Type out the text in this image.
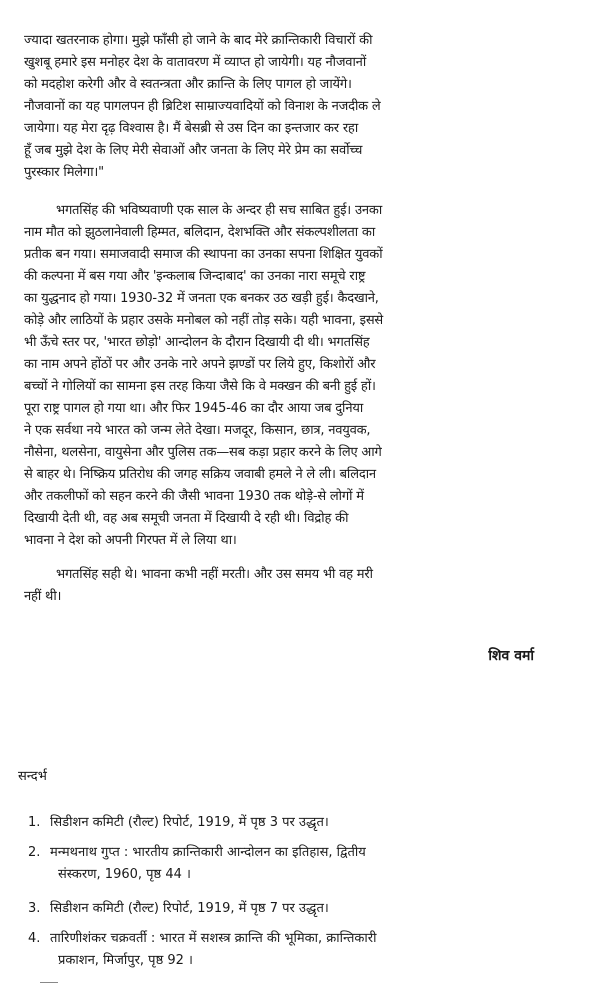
ज्यादा खतरनाक होगा। मुझे फाँसी हो जाने के बाद मेरे क्रान्तिकारी विचारों की
खुशबू हमारे इस मनोहर देश के वातावरण में व्याप्त हो जायेगी। यह नौजवानों
को मदहोश करेगी और वे स्वतन्त्रता और क्रान्ति के लिए पागल हो जायेंगे।
नौजवानों का यह पागलपन ही ब्रिटिश साम्राज्यवादियों को विनाश के नजदीक ले
जायेगा। यह मेरा दृढ़ विश्वास है। मैं बेसब्री से उस दिन का इन्तजार कर रहा
हूँ जब मुझे देश के लिए मेरी सेवाओं और जनता के लिए मेरे प्रेम का सर्वोच्च
पुरस्कार मिलेगा।"
भगतसिंह की भविष्यवाणी एक साल के अन्दर ही सच साबित हुई। उनका
नाम मौत को झुठलानेवाली हिम्मत, बलिदान, देशभक्ति और संकल्पशीलता का
प्रतीक बन गया। समाजवादी समाज की स्थापना का उनका सपना शिक्षित युवकों
की कल्पना में बस गया और 'इन्कलाब जिन्दाबाद' का उनका नारा समूचे राष्ट्र
का युद्धनाद हो गया। 1930-32 में जनता एक बनकर उठ खड़ी हुई। कैदखाने,
कोड़े और लाठियों के प्रहार उसके मनोबल को नहीं तोड़ सके। यही भावना, इससे
भी ऊँचे स्तर पर, 'भारत छोड़ो' आन्दोलन के दौरान दिखायी दी थी। भगतसिंह
का नाम अपने होंठों पर और उनके नारे अपने झण्डों पर लिये हुए, किशोरों और
बच्चों ने गोलियों का सामना इस तरह किया जैसे कि वे मक्खन की बनी हुई हों।
पूरा राष्ट्र पागल हो गया था। और फिर 1945-46 का दौर आया जब दुनिया
ने एक सर्वथा नये भारत को जन्म लेते देखा। मजदूर, किसान, छात्र, नवयुवक,
नौसेना, थलसेना, वायुसेना और पुलिस तक—सब कड़ा प्रहार करने के लिए आगे
से बाहर थे। निष्क्रिय प्रतिरोध की जगह सक्रिय जवाबी हमले ने ले ली। बलिदान
और तकलीफों को सहन करने की जैसी भावना 1930 तक थोड़े-से लोगों में
दिखायी देती थी, वह अब समूची जनता में दिखायी दे रही थी। विद्रोह की
भावना ने देश को अपनी गिरफ्त में ले लिया था।
भगतसिंह सही थे। भावना कभी नहीं मरती। और उस समय भी वह मरी
नहीं थी।
शिव वर्मा
सन्दर्भ
1. सिडीशन कमिटी (रौल्ट) रिपोर्ट, 1919, में पृष्ठ 3 पर उद्धृत।
2. मन्मथनाथ गुप्त : भारतीय क्रान्तिकारी आन्दोलन का इतिहास, द्वितीय
संस्करण, 1960, पृष्ठ 44 ।
3. सिडीशन कमिटी (रौल्ट) रिपोर्ट, 1919, में पृष्ठ 7 पर उद्धृत।
4. तारिणीशंकर चक्रवर्ती : भारत में सशस्त्र क्रान्ति की भूमिका, क्रान्तिकारी
प्रकाशन, मिर्जापुर, पृष्ठ 92 ।
